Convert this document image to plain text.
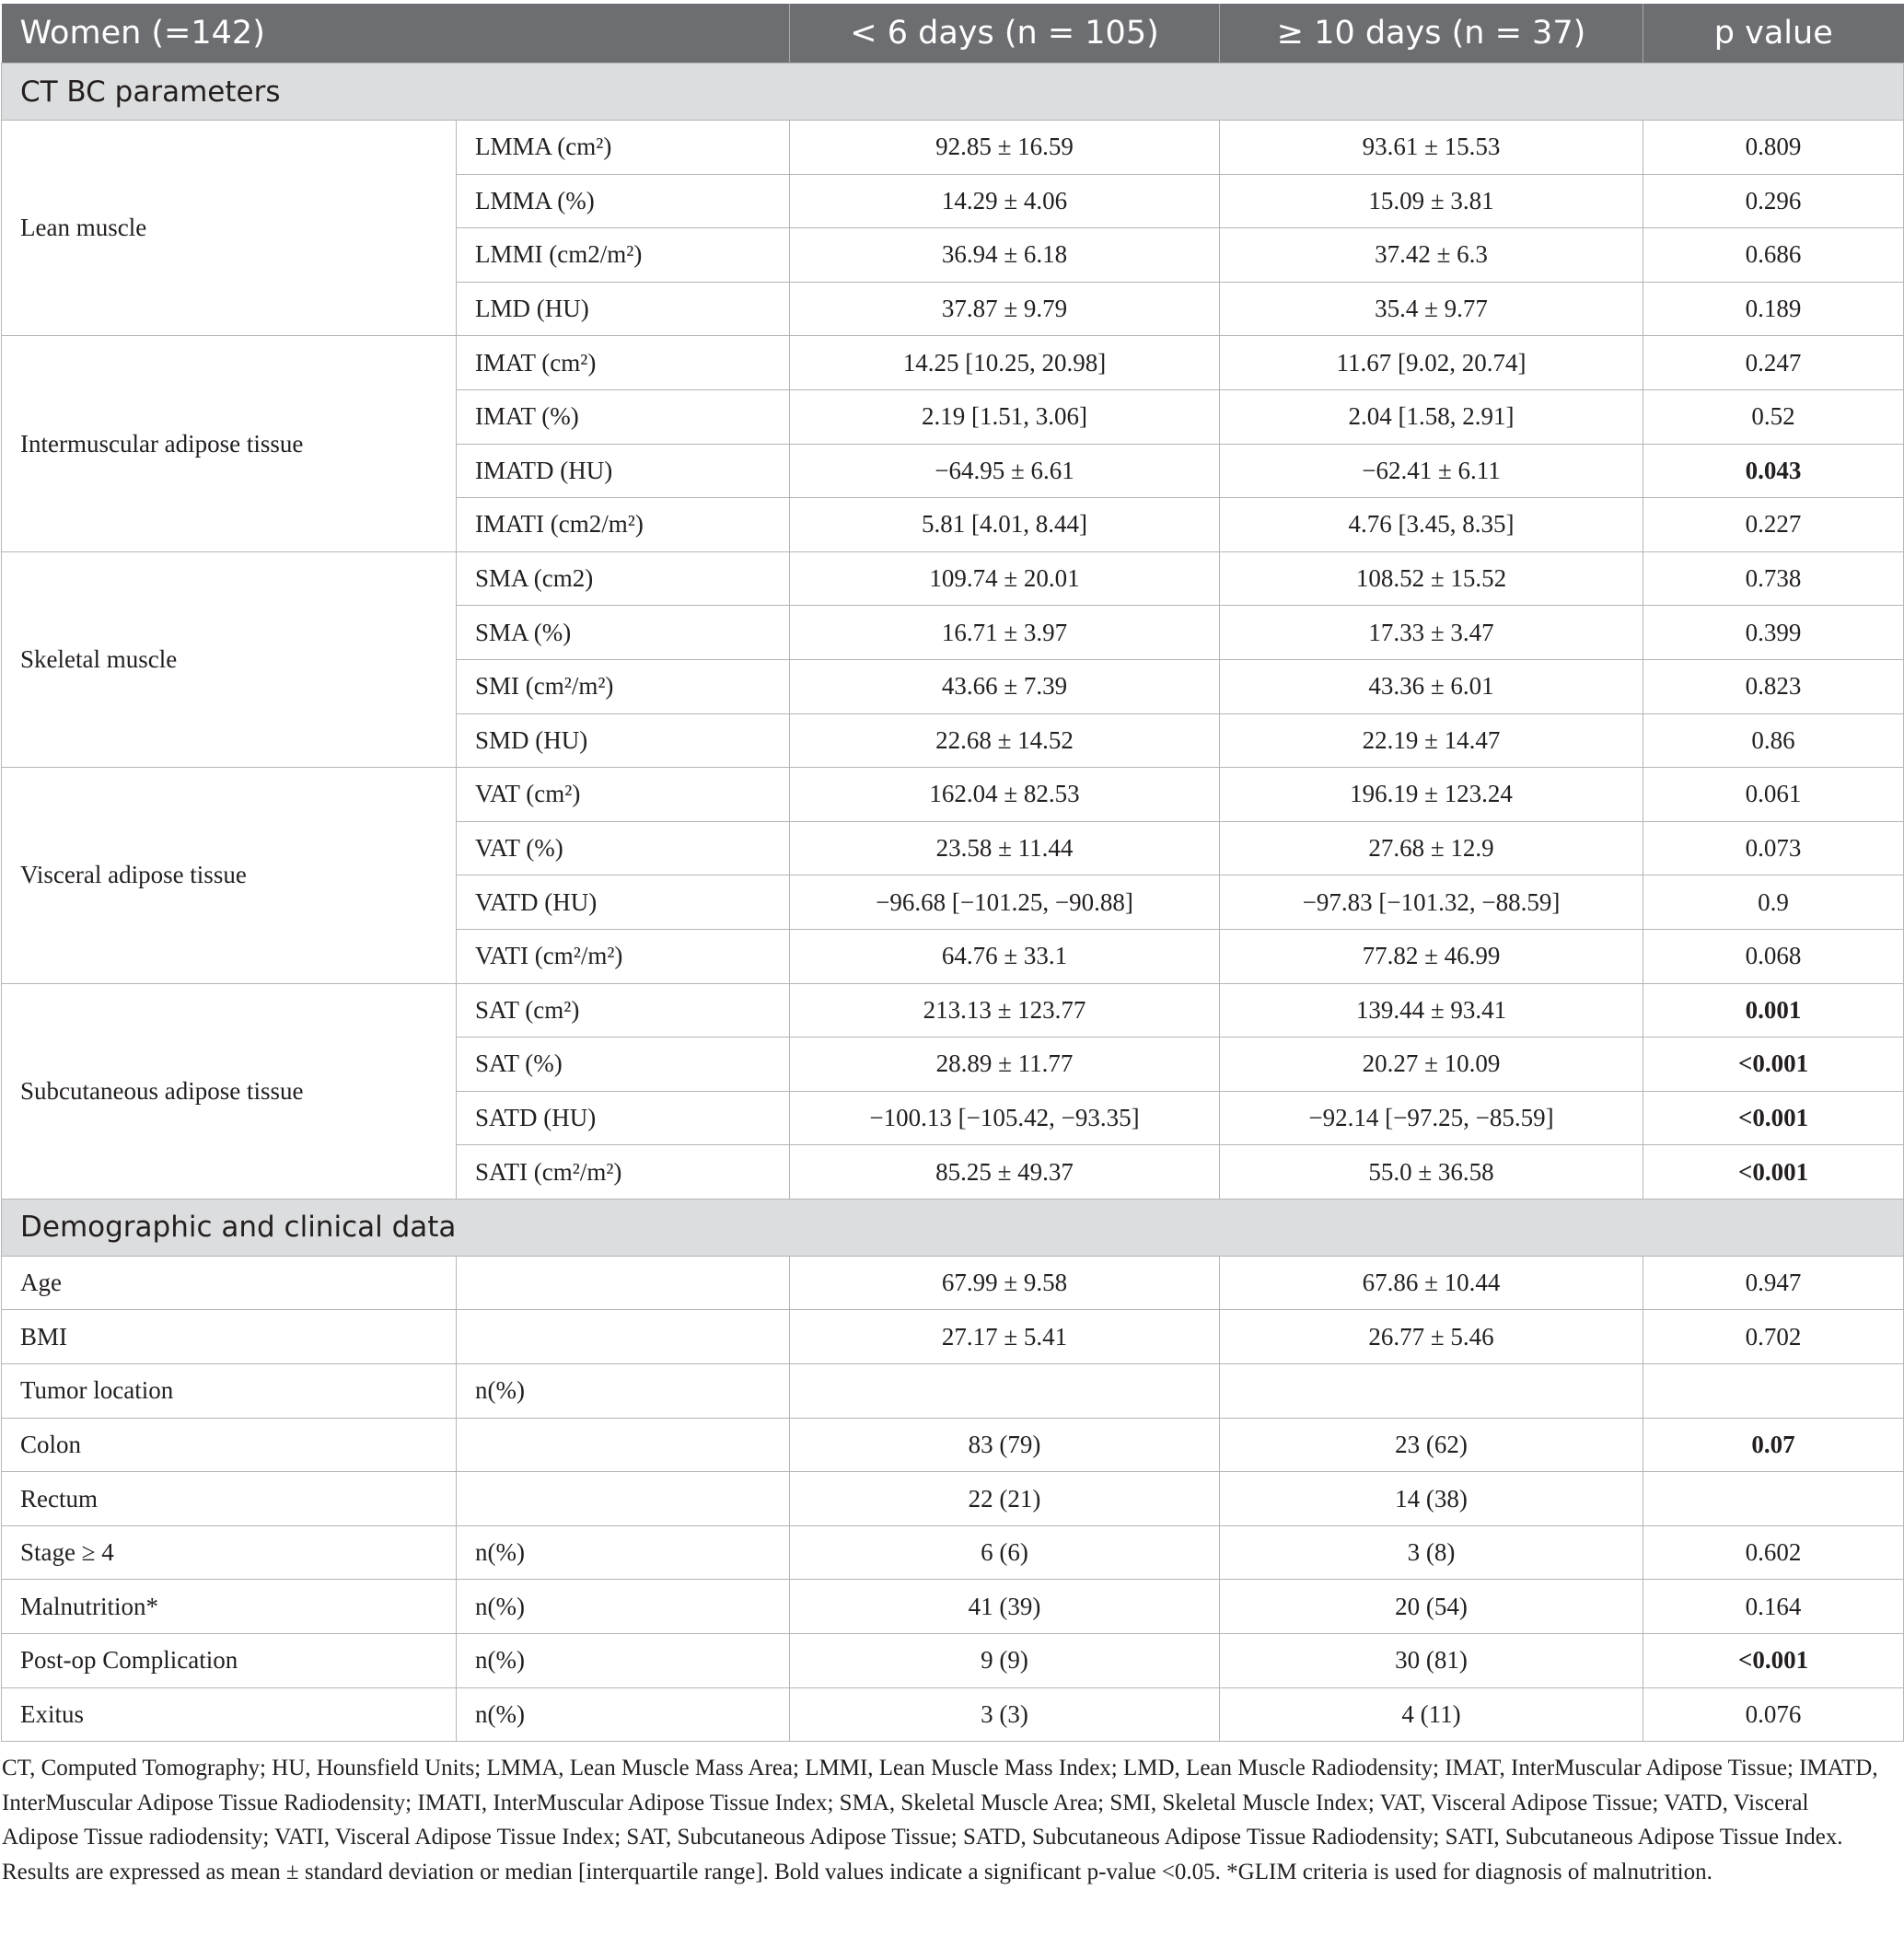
Women (=142)		< 6 days (n = 105)	≥ 10 days (n = 37)	p value
CT BC parameters				
Lean muscle	LMMA (cm²)	92.85 ± 16.59	93.61 ± 15.53	0.809
	LMMA (%)	14.29 ± 4.06	15.09 ± 3.81	0.296
	LMMI (cm2/m²)	36.94 ± 6.18	37.42 ± 6.3	0.686
	LMD (HU)	37.87 ± 9.79	35.4 ± 9.77	0.189
Intermuscular adipose tissue	IMAT (cm²)	14.25 [10.25, 20.98]	11.67 [9.02, 20.74]	0.247
	IMAT (%)	2.19 [1.51, 3.06]	2.04 [1.58, 2.91]	0.52
	IMATD (HU)	−64.95 ± 6.61	−62.41 ± 6.11	0.043
	IMATI (cm2/m²)	5.81 [4.01, 8.44]	4.76 [3.45, 8.35]	0.227
Skeletal muscle	SMA (cm2)	109.74 ± 20.01	108.52 ± 15.52	0.738
	SMA (%)	16.71 ± 3.97	17.33 ± 3.47	0.399
	SMI (cm²/m²)	43.66 ± 7.39	43.36 ± 6.01	0.823
	SMD (HU)	22.68 ± 14.52	22.19 ± 14.47	0.86
Visceral adipose tissue	VAT (cm²)	162.04 ± 82.53	196.19 ± 123.24	0.061
	VAT (%)	23.58 ± 11.44	27.68 ± 12.9	0.073
	VATD (HU)	−96.68 [−101.25, −90.88]	−97.83 [−101.32, −88.59]	0.9
	VATI (cm²/m²)	64.76 ± 33.1	77.82 ± 46.99	0.068
Subcutaneous adipose tissue	SAT (cm²)	213.13 ± 123.77	139.44 ± 93.41	0.001
	SAT (%)	28.89 ± 11.77	20.27 ± 10.09	<0.001
	SATD (HU)	−100.13 [−105.42, −93.35]	−92.14 [−97.25, −85.59]	<0.001
	SATI (cm²/m²)	85.25 ± 49.37	55.0 ± 36.58	<0.001
Demographic and clinical data				
Age		67.99 ± 9.58	67.86 ± 10.44	0.947
BMI		27.17 ± 5.41	26.77 ± 5.46	0.702
Tumor location	n(%)			
Colon		83 (79)	23 (62)	0.07
Rectum		22 (21)	14 (38)	
Stage ≥ 4	n(%)	6 (6)	3 (8)	0.602
Malnutrition*	n(%)	41 (39)	20 (54)	0.164
Post-op Complication	n(%)	9 (9)	30 (81)	<0.001
Exitus	n(%)	3 (3)	4 (11)	0.076
CT, Computed Tomography; HU, Hounsfield Units; LMMA, Lean Muscle Mass Area; LMMI, Lean Muscle Mass Index; LMD, Lean Muscle Radiodensity; IMAT, InterMuscular Adipose Tissue; IMATD, InterMuscular Adipose Tissue Radiodensity; IMATI, InterMuscular Adipose Tissue Index; SMA, Skeletal Muscle Area; SMI, Skeletal Muscle Index; VAT, Visceral Adipose Tissue; VATD, Visceral Adipose Tissue radiodensity; VATI, Visceral Adipose Tissue Index; SAT, Subcutaneous Adipose Tissue; SATD, Subcutaneous Adipose Tissue Radiodensity; SATI, Subcutaneous Adipose Tissue Index. Results are expressed as mean ± standard deviation or median [interquartile range]. Bold values indicate a significant p-value <0.05. *GLIM criteria is used for diagnosis of malnutrition.
